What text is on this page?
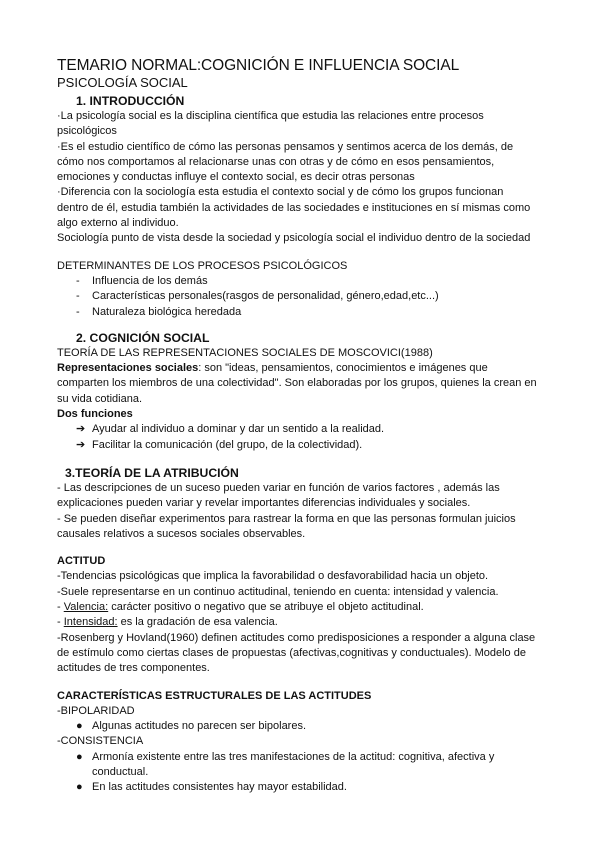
TEMARIO NORMAL:COGNICIÓN E INFLUENCIA SOCIAL

PSICOLOGÍA SOCIAL

1. INTRODUCCIÓN

·La psicología social es la disciplina científica que estudia las relaciones entre procesos

psicológicos

·Es el estudio científico de cómo las personas pensamos y sentimos acerca de los demás, de

cómo nos comportamos al relacionarse unas con otras y de cómo en esos pensamientos,

emociones y conductas influye el contexto social, es decir otras personas

·Diferencia con la sociología esta estudia el contexto social y de cómo los grupos funcionan

dentro de él, estudia también la actividades de las sociedades e instituciones en sí mismas como

algo externo al individuo.

Sociología punto de vista desde la sociedad y psicología social el individuo dentro de la sociedad

DETERMINANTES DE LOS PROCESOS PSICOLÓGICOS

- Influencia de los demás
- Características personales(rasgos de personalidad, género,edad,etc...)
- Naturaleza biológica heredada

2. COGNICIÓN SOCIAL

TEORÍA DE LAS REPRESENTACIONES SOCIALES DE MOSCOVICI(1988)

Representaciones sociales: son "ideas, pensamientos, conocimientos e imágenes que

comparten los miembros de una colectividad". Son elaboradas por los grupos, quienes la crean en

su vida cotidiana.

Dos funciones

➔ Ayudar al individuo a dominar y dar un sentido a la realidad.
➔ Facilitar la comunicación (del grupo, de la colectividad).

3.TEORÍA DE LA ATRIBUCIÓN

- Las descripciones de un suceso pueden variar en función de varios factores , además las

explicaciones pueden variar y revelar importantes diferencias individuales y sociales.

- Se pueden diseñar experimentos para rastrear la forma en que las personas formulan juicios

causales relativos a sucesos sociales observables.

ACTITUD

-Tendencias psicológicas que implica la favorabilidad o desfavorabilidad hacia un objeto.

-Suele representarse en un continuo actitudinal, teniendo en cuenta: intensidad y valencia.

- Valencia: carácter positivo o negativo que se atribuye el objeto actitudinal.

- Intensidad: es la gradación de esa valencia.

-Rosenberg y Hovland(1960) definen actitudes como predisposiciones a responder a alguna clase

de estímulo como ciertas clases de propuestas (afectivas,cognitivas y conductuales). Modelo de

actitudes de tres componentes.

CARACTERÍSTICAS ESTRUCTURALES DE LAS ACTITUDES

-BIPOLARIDAD

● Algunas actitudes no parecen ser bipolares.

-CONSISTENCIA

● Armonía existente entre las tres manifestaciones de la actitud: cognitiva, afectiva y
conductual.
● En las actitudes consistentes hay mayor estabilidad.
